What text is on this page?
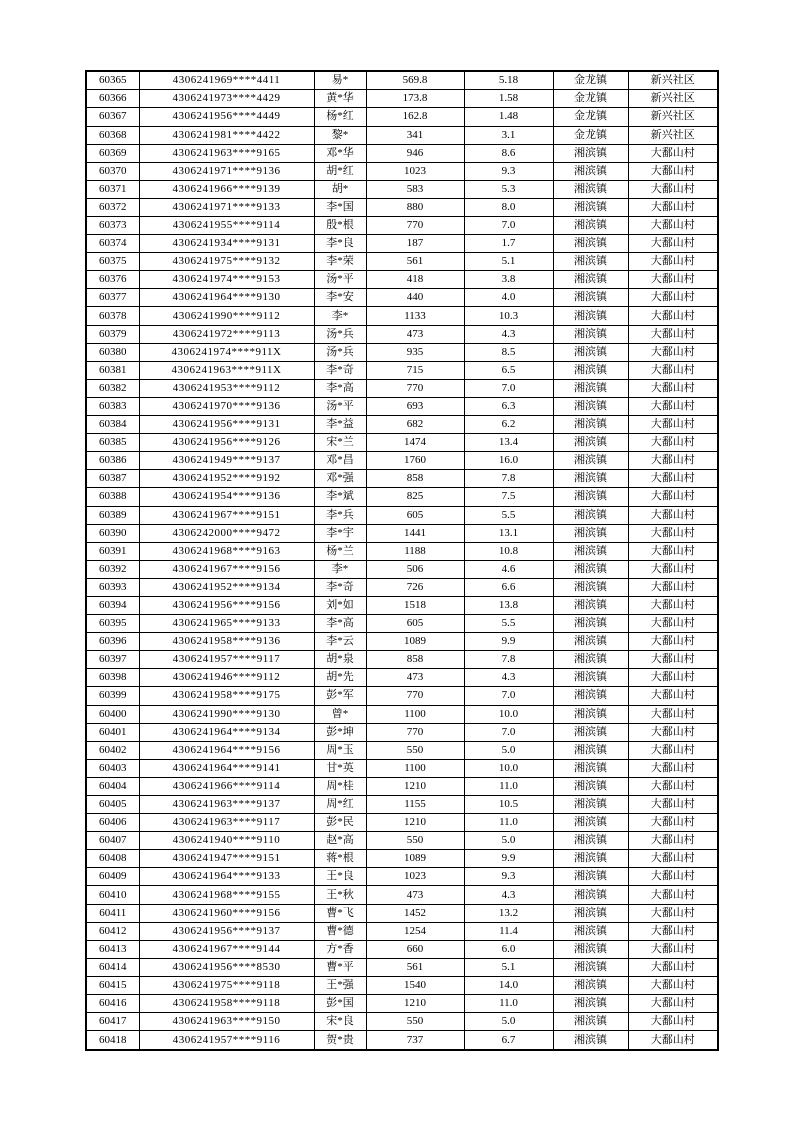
60365	4306241969****4411	易*	569.8	5.18	金龙镇	新兴社区
60366	4306241973****4429	黄*华	173.8	1.58	金龙镇	新兴社区
60367	4306241956****4449	杨*红	162.8	1.48	金龙镇	新兴社区
60368	4306241981****4422	黎*	341	3.1	金龙镇	新兴社区
60369	4306241963****9165	邓*华	946	8.6	湘滨镇	大鄱山村
60370	4306241971****9136	胡*红	1023	9.3	湘滨镇	大鄱山村
60371	4306241966****9139	胡*	583	5.3	湘滨镇	大鄱山村
60372	4306241971****9133	李*国	880	8.0	湘滨镇	大鄱山村
60373	4306241955****9114	殷*根	770	7.0	湘滨镇	大鄱山村
60374	4306241934****9131	李*良	187	1.7	湘滨镇	大鄱山村
60375	4306241975****9132	李*荣	561	5.1	湘滨镇	大鄱山村
60376	4306241974****9153	汤*平	418	3.8	湘滨镇	大鄱山村
60377	4306241964****9130	李*安	440	4.0	湘滨镇	大鄱山村
60378	4306241990****9112	李*	1133	10.3	湘滨镇	大鄱山村
60379	4306241972****9113	汤*兵	473	4.3	湘滨镇	大鄱山村
60380	4306241974****911X	汤*兵	935	8.5	湘滨镇	大鄱山村
60381	4306241963****911X	李*奇	715	6.5	湘滨镇	大鄱山村
60382	4306241953****9112	李*高	770	7.0	湘滨镇	大鄱山村
60383	4306241970****9136	汤*平	693	6.3	湘滨镇	大鄱山村
60384	4306241956****9131	李*益	682	6.2	湘滨镇	大鄱山村
60385	4306241956****9126	宋*兰	1474	13.4	湘滨镇	大鄱山村
60386	4306241949****9137	邓*昌	1760	16.0	湘滨镇	大鄱山村
60387	4306241952****9192	邓*强	858	7.8	湘滨镇	大鄱山村
60388	4306241954****9136	李*斌	825	7.5	湘滨镇	大鄱山村
60389	4306241967****9151	李*兵	605	5.5	湘滨镇	大鄱山村
60390	4306242000****9472	李*宇	1441	13.1	湘滨镇	大鄱山村
60391	4306241968****9163	杨*兰	1188	10.8	湘滨镇	大鄱山村
60392	4306241967****9156	李*	506	4.6	湘滨镇	大鄱山村
60393	4306241952****9134	李*奇	726	6.6	湘滨镇	大鄱山村
60394	4306241956****9156	刘*如	1518	13.8	湘滨镇	大鄱山村
60395	4306241965****9133	李*高	605	5.5	湘滨镇	大鄱山村
60396	4306241958****9136	李*云	1089	9.9	湘滨镇	大鄱山村
60397	4306241957****9117	胡*泉	858	7.8	湘滨镇	大鄱山村
60398	4306241946****9112	胡*先	473	4.3	湘滨镇	大鄱山村
60399	4306241958****9175	彭*军	770	7.0	湘滨镇	大鄱山村
60400	4306241990****9130	曾*	1100	10.0	湘滨镇	大鄱山村
60401	4306241964****9134	彭*坤	770	7.0	湘滨镇	大鄱山村
60402	4306241964****9156	周*玉	550	5.0	湘滨镇	大鄱山村
60403	4306241964****9141	甘*英	1100	10.0	湘滨镇	大鄱山村
60404	4306241966****9114	周*桂	1210	11.0	湘滨镇	大鄱山村
60405	4306241963****9137	周*红	1155	10.5	湘滨镇	大鄱山村
60406	4306241963****9117	彭*民	1210	11.0	湘滨镇	大鄱山村
60407	4306241940****9110	赵*高	550	5.0	湘滨镇	大鄱山村
60408	4306241947****9151	蒋*根	1089	9.9	湘滨镇	大鄱山村
60409	4306241964****9133	王*良	1023	9.3	湘滨镇	大鄱山村
60410	4306241968****9155	王*秋	473	4.3	湘滨镇	大鄱山村
60411	4306241960****9156	曹*飞	1452	13.2	湘滨镇	大鄱山村
60412	4306241956****9137	曹*德	1254	11.4	湘滨镇	大鄱山村
60413	4306241967****9144	方*香	660	6.0	湘滨镇	大鄱山村
60414	4306241956****8530	曹*平	561	5.1	湘滨镇	大鄱山村
60415	4306241975****9118	王*强	1540	14.0	湘滨镇	大鄱山村
60416	4306241958****9118	彭*国	1210	11.0	湘滨镇	大鄱山村
60417	4306241963****9150	宋*良	550	5.0	湘滨镇	大鄱山村
60418	4306241957****9116	贺*贵	737	6.7	湘滨镇	大鄱山村
